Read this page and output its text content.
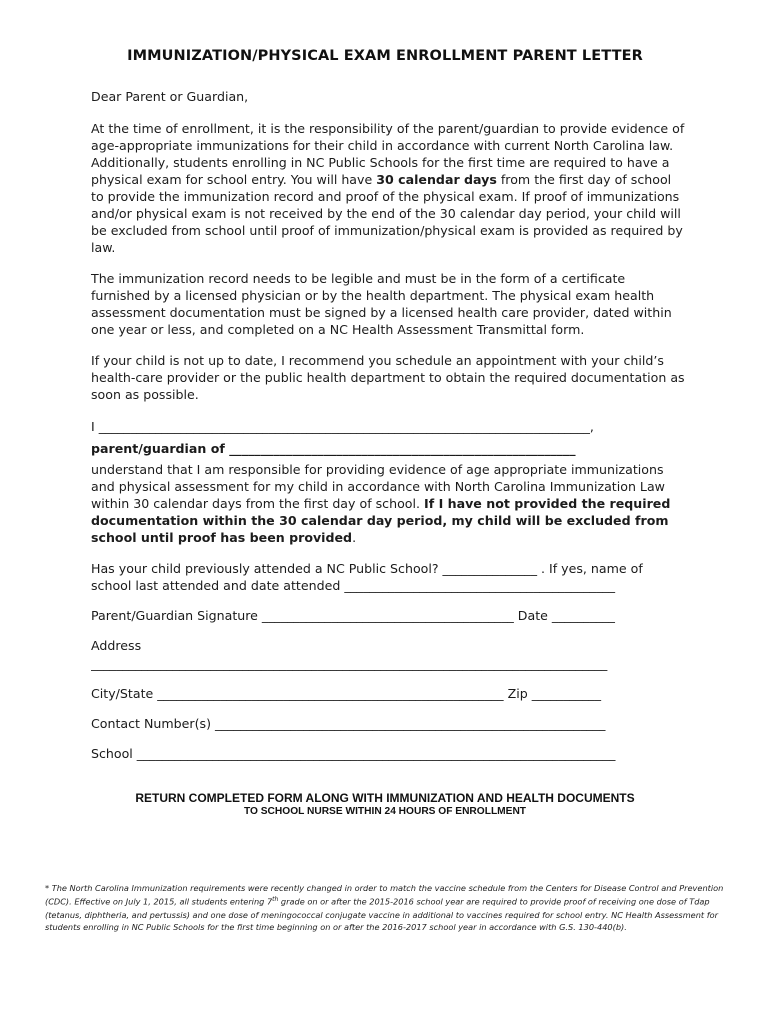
IMMUNIZATION/PHYSICAL EXAM ENROLLMENT PARENT LETTER
Dear Parent or Guardian,

At the time of enrollment, it is the responsibility of the parent/guardian to provide evidence of age-appropriate immunizations for their child in accordance with current North Carolina law. Additionally, students enrolling in NC Public Schools for the first time are required to have a physical exam for school entry. You will have 30 calendar days from the first day of school to provide the immunization record and proof of the physical exam. If proof of immunizations and/or physical exam is not received by the end of the 30 calendar day period, your child will be excluded from school until proof of immunization/physical exam is provided as required by law.

The immunization record needs to be legible and must be in the form of a certificate furnished by a licensed physician or by the health department. The physical exam health assessment documentation must be signed by a licensed health care provider, dated within one year or less, and completed on a NC Health Assessment Transmittal form.
If your child is not up to date, I recommend you schedule an appointment with your child’s health-care provider or the public health department to obtain the required documentation as soon as possible.
I ______________________________________________________________________________,
parent/guardian of _______________________________________________________

understand that I am responsible for providing evidence of age appropriate immunizations and physical assessment for my child in accordance with North Carolina Immunization Law within 30 calendar days from the first day of school. If I have not provided the required documentation within the 30 calendar day period, my child will be excluded from school until proof has been provided.

Has your child previously attended a NC Public School? _______________ . If yes, name of
school last attended and date attended ___________________________________________
Parent/Guardian Signature ________________________________________ Date __________
Address
__________________________________________________________________________________
City/State _______________________________________________________ Zip ___________
Contact Number(s) ______________________________________________________________
School ____________________________________________________________________________
RETURN COMPLETED FORM ALONG WITH IMMUNIZATION AND HEALTH DOCUMENTS
TO SCHOOL NURSE WITHIN 24 HOURS OF ENROLLMENT
* The North Carolina Immunization requirements were recently changed in order to match the vaccine schedule from the Centers for Disease Control and Prevention (CDC). Effective on July 1, 2015, all students entering 7th grade on or after the 2015-2016 school year are required to provide proof of receiving one dose of Tdap (tetanus, diphtheria, and pertussis) and one dose of meningococcal conjugate vaccine in additional to vaccines required for school entry. NC Health Assessment for students enrolling in NC Public Schools for the first time beginning on or after the 2016-2017 school year in accordance with G.S. 130-440(b).
